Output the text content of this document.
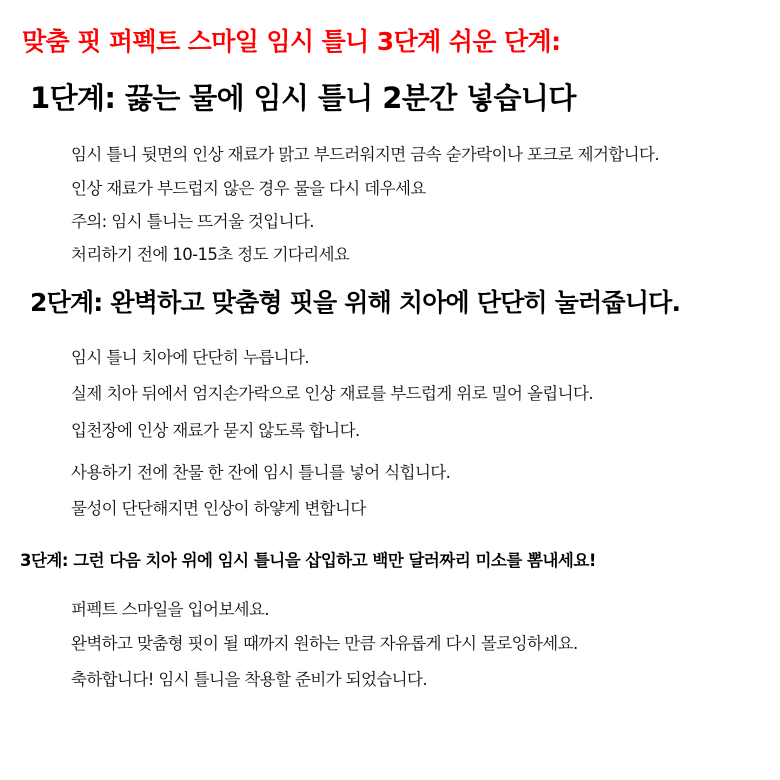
맞춤 핏 퍼펙트 스마일 임시 틀니 3단계 쉬운 단계:
1단계: 끓는 물에 임시 틀니 2분간 넣습니다
임시 틀니 뒷면의 인상 재료가 맑고 부드러워지면 금속 숟가락이나 포크로 제거합니다.
인상 재료가 부드럽지 않은 경우 물을 다시 데우세요
주의: 임시 틀니는 뜨거울 것입니다.
처리하기 전에 10-15초 정도 기다리세요
2단계: 완벽하고 맞춤형 핏을 위해 치아에 단단히 눌러줍니다.
임시 틀니 치아에 단단히 누릅니다.
실제 치아 뒤에서 엄지손가락으로 인상 재료를 부드럽게 위로 밀어 올립니다.
입천장에 인상 재료가 묻지 않도록 합니다.
사용하기 전에 찬물 한 잔에 임시 틀니를 넣어 식힙니다.
물성이 단단해지면 인상이 하얗게 변합니다
3단계: 그런 다음 치아 위에 임시 틀니을 삽입하고 백만 달러짜리 미소를 뽐내세요!
퍼펙트 스마일을 입어보세요.
완벽하고 맞춤형 핏이 될 때까지 원하는 만큼 자유롭게 다시 몰로잉하세요.
축하합니다! 임시 틀니을 착용할 준비가 되었습니다.
